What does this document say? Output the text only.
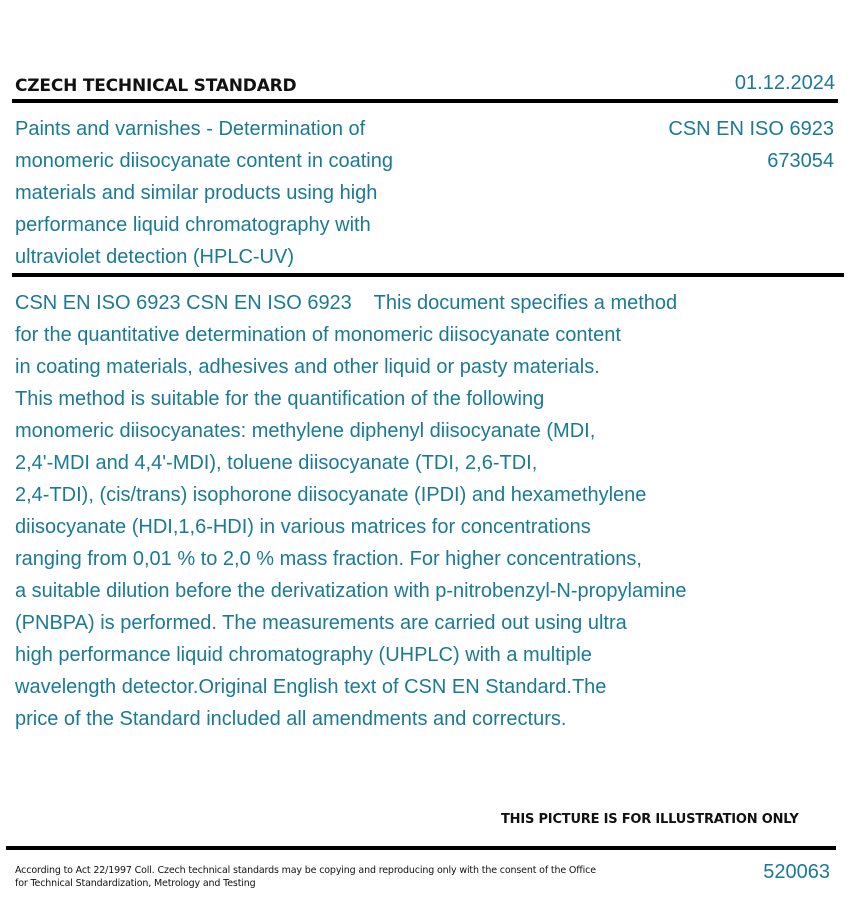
CZECH TECHNICAL STANDARD	01.12.2024
Paints and varnishes - Determination of
monomeric diisocyanate content in coating
materials and similar products using high
performance liquid chromatography with
ultraviolet detection (HPLC-UV)
CSN EN ISO 6923
673054
CSN EN ISO 6923 CSN EN ISO 6923    This document specifies a method
for the quantitative determination of monomeric diisocyanate content
in coating materials, adhesives and other liquid or pasty materials.
This method is suitable for the quantification of the following
monomeric diisocyanates: methylene diphenyl diisocyanate (MDI,
2,4'-MDI and 4,4'-MDI), toluene diisocyanate (TDI, 2,6-TDI,
2,4-TDI), (cis/trans) isophorone diisocyanate (IPDI) and hexamethylene
diisocyanate (HDI,1,6-HDI) in various matrices for concentrations
ranging from 0,01 % to 2,0 % mass fraction. For higher concentrations,
a suitable dilution before the derivatization with p-nitrobenzyl-N-propylamine
(PNBPA) is performed. The measurements are carried out using ultra
high performance liquid chromatography (UHPLC) with a multiple
wavelength detector.Original English text of CSN EN Standard.The
price of the Standard included all amendments and correcturs.
THIS PICTURE IS FOR ILLUSTRATION ONLY
According to Act 22/1997 Coll. Czech technical standards may be copying and reproducing only with the consent of the Office
for Technical Standardization, Metrology and Testing
520063
